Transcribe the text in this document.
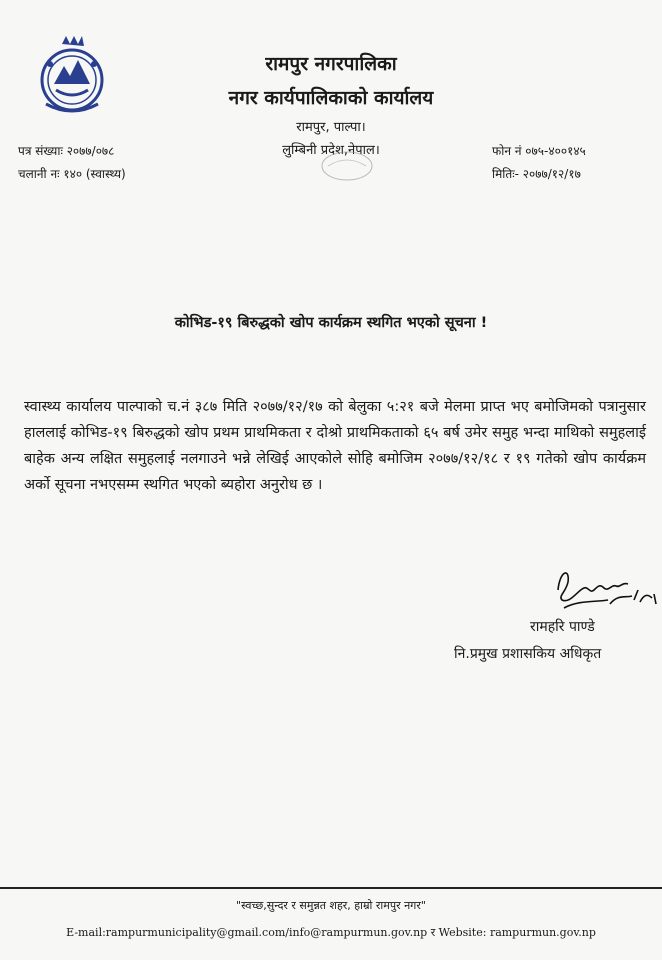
रामपुर नगरपालिका
नगर कार्यपालिकाको कार्यालय
रामपुर, पाल्पा।
लुम्बिनी प्रदेश,नेपाल।
पत्र संख्याः २०७७/०७८
चलानी नः १४० (स्वास्थ्य)
फोन नं ०७५-४००१४५
मितिः- २०७७/१२/१७
कोभिड-१९ बिरुद्धको खोप कार्यक्रम स्थगित भएको सूचना !
स्वास्थ्य कार्यालय पाल्पाको च.नं ३८७ मिति २०७७/१२/१७ को बेलुका ५:२१ बजे मेलमा प्राप्त भए बमोजिमको पत्रानुसार हाललाई कोभिड-१९ बिरुद्धको खोप प्रथम प्राथमिकता र दोश्रो प्राथमिकताको ६५ बर्ष उमेर समुह भन्दा माथिको समुहलाई बाहेक अन्य लक्षित समुहलाई नलगाउने भन्ने लेखिई आएकोले सोहि बमोजिम २०७७/१२/१८ र १९ गतेको खोप कार्यक्रम अर्को सूचना नभएसम्म स्थगित भएको ब्यहोरा अनुरोध छ ।
रामहरि पाण्डे
नि.प्रमुख प्रशासकिय अधिकृत
"स्वच्छ,सुन्दर र समुन्नत शहर, हाम्रो रामपुर नगर"
E-mail:rampurmunicipality@gmail.com/info@rampurmun.gov.np र Website: rampurmun.gov.np
